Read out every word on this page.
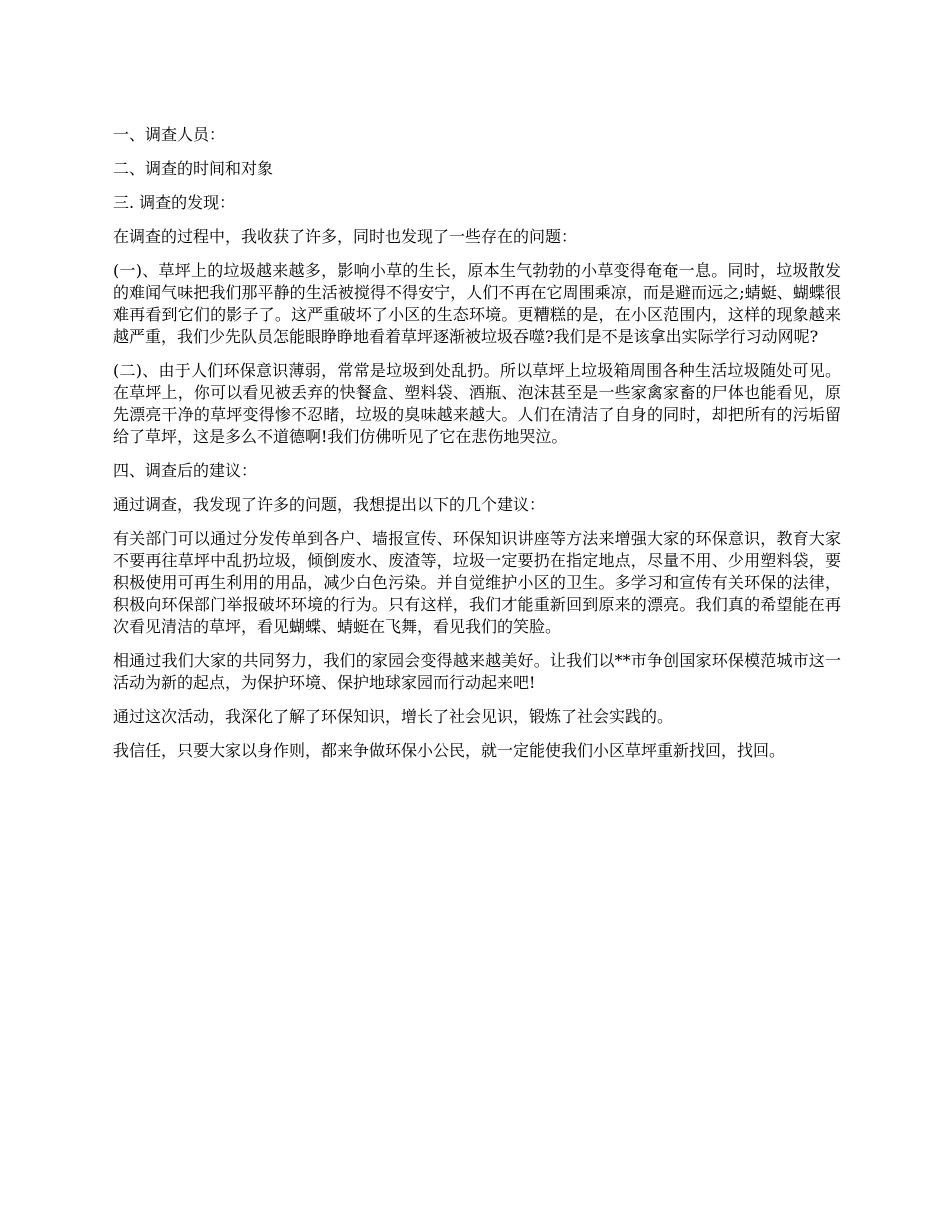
一、调查人员：

二、调查的时间和对象

三. 调查的发现：

在调查的过程中，我收获了许多，同时也发现了一些存在的问题：

(一)、草坪上的垃圾越来越多，影响小草的生长，原本生气勃勃的小草变得奄奄一息。同时，垃圾散发的难闻气味把我们那平静的生活被搅得不得安宁，人们不再在它周围乘凉，而是避而远之;蜻蜓、蝴蝶很难再看到它们的影子了。这严重破坏了小区的生态环境。更糟糕的是，在小区范围内，这样的现象越来越严重，我们少先队员怎能眼睁睁地看着草坪逐渐被垃圾吞噬?我们是不是该拿出实际学行习动网呢?

(二)、由于人们环保意识薄弱，常常是垃圾到处乱扔。所以草坪上垃圾箱周围各种生活垃圾随处可见。在草坪上，你可以看见被丢弃的快餐盒、塑料袋、酒瓶、泡沫甚至是一些家禽家畜的尸体也能看见，原先漂亮干净的草坪变得惨不忍睹，垃圾的臭味越来越大。人们在清洁了自身的同时，却把所有的污垢留给了草坪，这是多么不道德啊!我们仿佛听见了它在悲伤地哭泣。

四、调查后的建议：

通过调查，我发现了许多的问题，我想提出以下的几个建议：

有关部门可以通过分发传单到各户、墙报宣传、环保知识讲座等方法来增强大家的环保意识，教育大家不要再往草坪中乱扔垃圾，倾倒废水、废渣等，垃圾一定要扔在指定地点，尽量不用、少用塑料袋，要积极使用可再生利用的用品，减少白色污染。并自觉维护小区的卫生。多学习和宣传有关环保的法律，积极向环保部门举报破坏环境的行为。只有这样，我们才能重新回到原来的漂亮。我们真的希望能在再次看见清洁的草坪，看见蝴蝶、蜻蜓在飞舞，看见我们的笑脸。

相通过我们大家的共同努力，我们的家园会变得越来越美好。让我们以**市争创国家环保模范城市这一活动为新的起点，为保护环境、保护地球家园而行动起来吧!

通过这次活动，我深化了解了环保知识，增长了社会见识，锻炼了社会实践的。

我信任，只要大家以身作则，都来争做环保小公民，就一定能使我们小区草坪重新找回，找回。
